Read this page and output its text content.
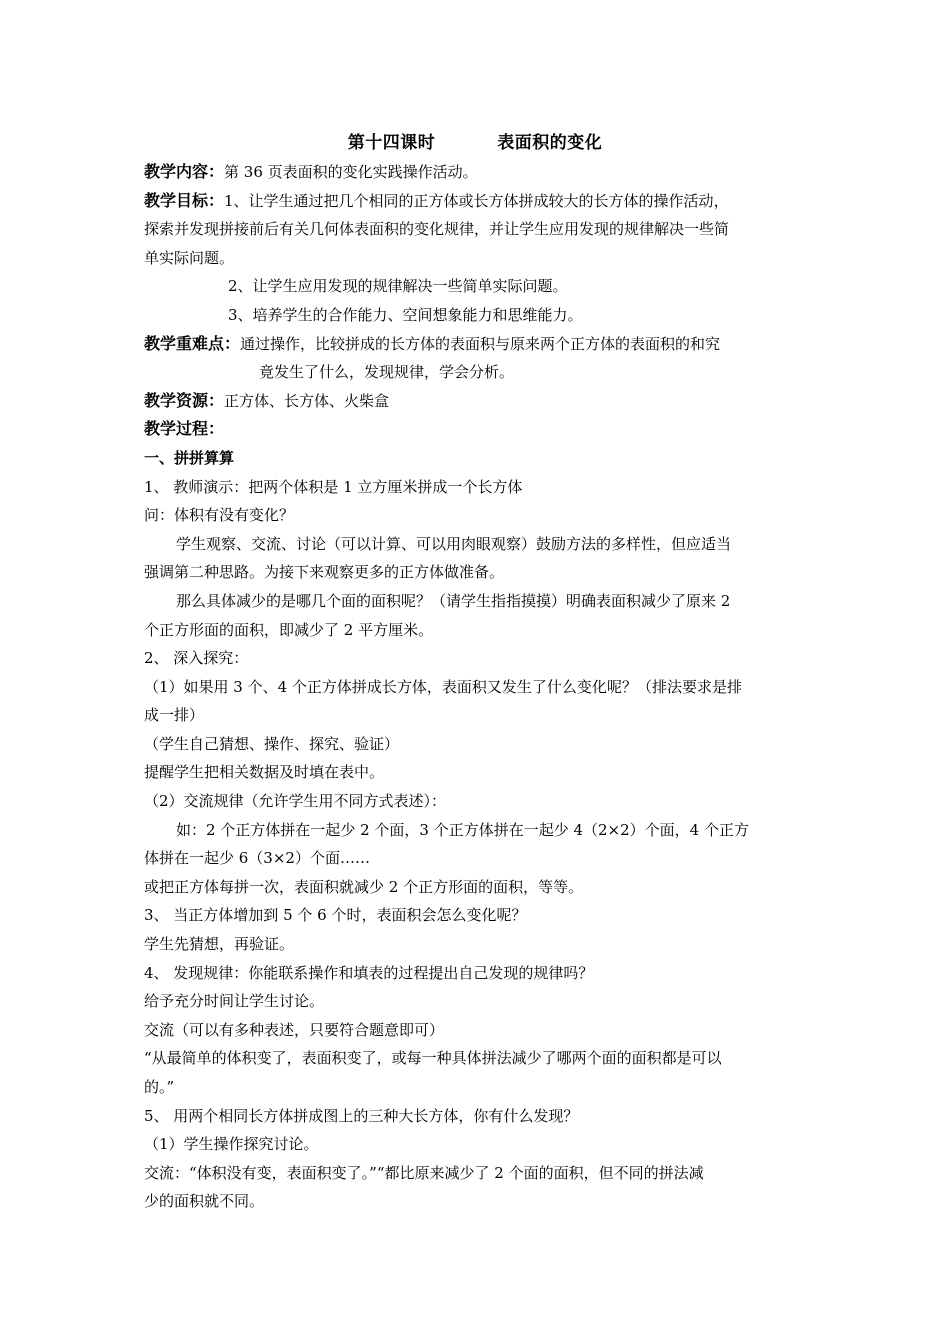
第十四课时	表面积的变化

教学内容：第 36 页表面积的变化实践操作活动。

教学目标：1、让学生通过把几个相同的正方体或长方体拼成较大的长方体的操作活动，

探索并发现拼接前后有关几何体表面积的变化规律，并让学生应用发现的规律解决一些简

单实际问题。

2、让学生应用发现的规律解决一些简单实际问题。

3、培养学生的合作能力、空间想象能力和思维能力。

教学重难点：通过操作，比较拼成的长方体的表面积与原来两个正方体的表面积的和究

竟发生了什么，发现规律，学会分析。

教学资源：正方体、长方体、火柴盒

教学过程：

一、拼拼算算

1、 教师演示：把两个体积是 1 立方厘米拼成一个长方体

问：体积有没有变化？

学生观察、交流、讨论（可以计算、可以用肉眼观察）鼓励方法的多样性，但应适当

强调第二种思路。为接下来观察更多的正方体做准备。

那么具体减少的是哪几个面的面积呢？（请学生指指摸摸）明确表面积减少了原来 2

个正方形面的面积，即减少了 2 平方厘米。

2、 深入探究：

（1）如果用 3 个、4 个正方体拼成长方体，表面积又发生了什么变化呢？（排法要求是排

成一排）

（学生自己猜想、操作、探究、验证）

提醒学生把相关数据及时填在表中。

（2）交流规律（允许学生用不同方式表述）：

如：2 个正方体拼在一起少 2 个面，3 个正方体拼在一起少 4（2×2）个面，4 个正方

体拼在一起少 6（3×2）个面……

或把正方体每拼一次，表面积就减少 2 个正方形面的面积，等等。

3、 当正方体增加到 5 个 6 个时，表面积会怎么变化呢？

学生先猜想，再验证。

4、 发现规律：你能联系操作和填表的过程提出自己发现的规律吗？

给予充分时间让学生讨论。

交流（可以有多种表述，只要符合题意即可）

“从最简单的体积变了，表面积变了，或每一种具体拼法减少了哪两个面的面积都是可以

的。”

5、 用两个相同长方体拼成图上的三种大长方体，你有什么发现？

（1）学生操作探究讨论。

交流：“体积没有变，表面积变了。”“都比原来减少了 2 个面的面积，但不同的拼法减

少的面积就不同。
